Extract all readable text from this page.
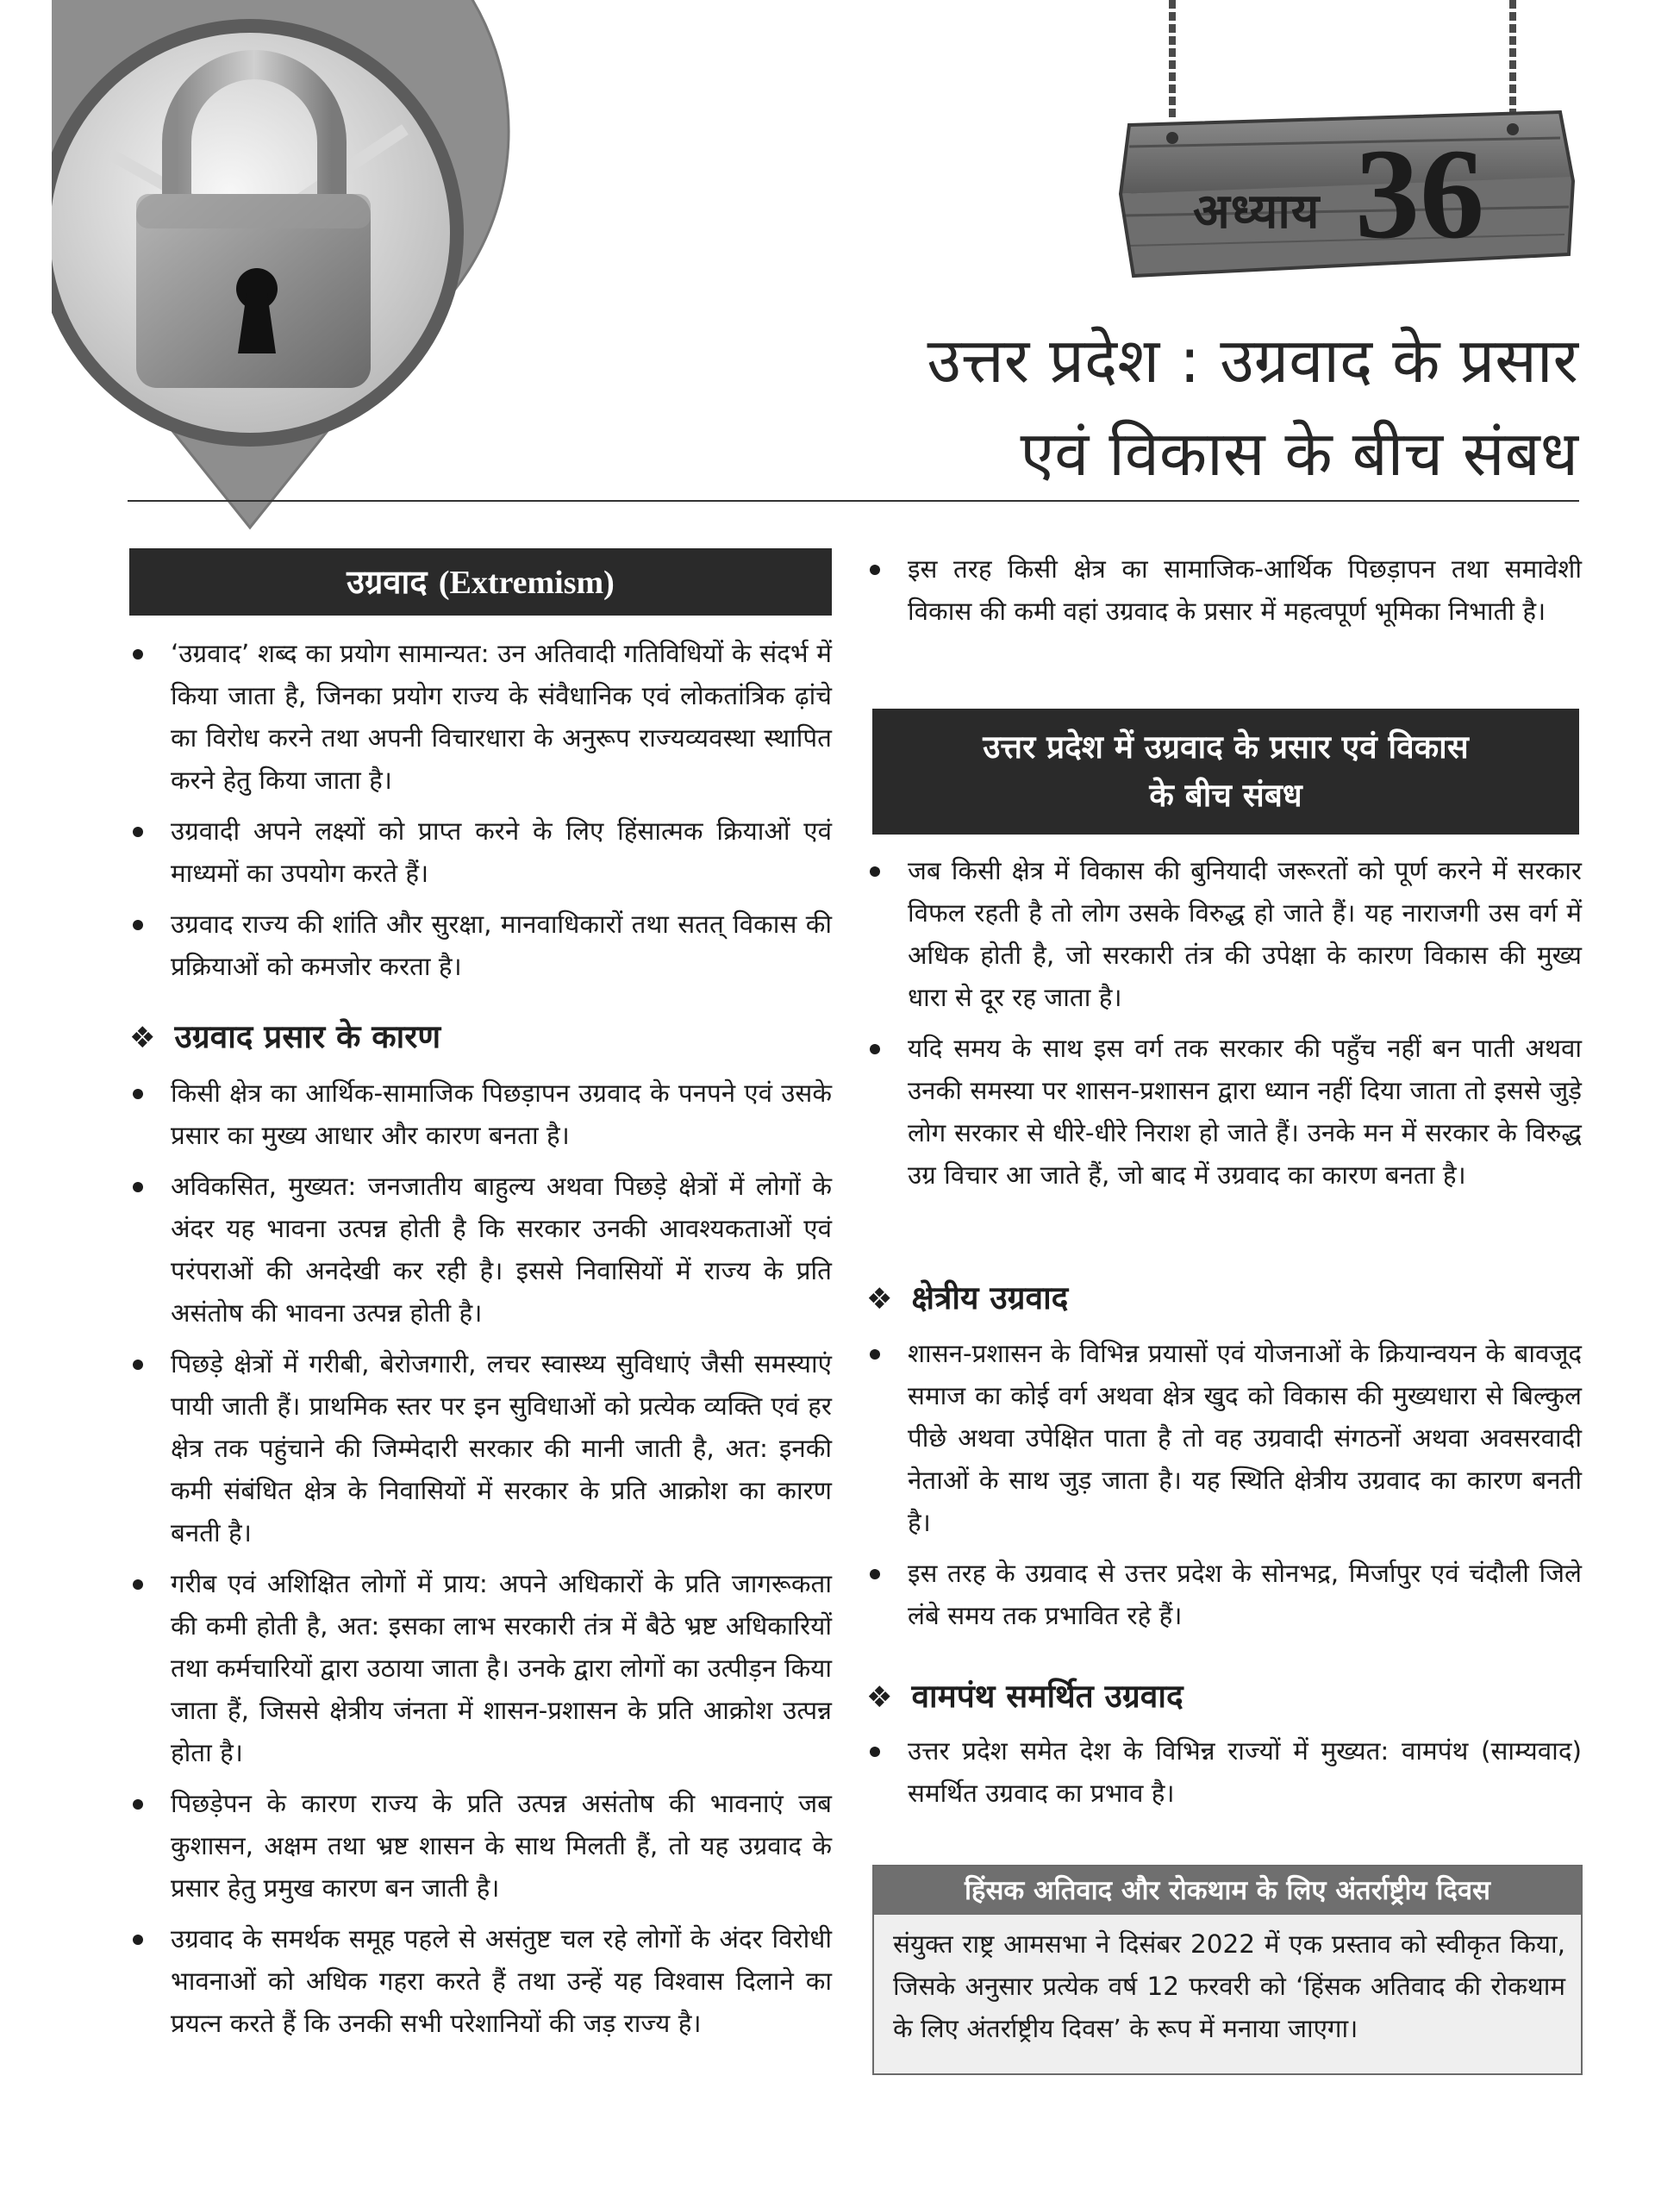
अध्याय 36
उत्तर प्रदेश : उग्रवाद के प्रसार
एवं विकास के बीच संबध
उग्रवाद (Extremism)
‘उग्रवाद’ शब्द का प्रयोग सामान्यत: उन अतिवादी गतिविधियों के संदर्भ में किया जाता है, जिनका प्रयोग राज्य के संवैधानिक एवं लोकतांत्रिक ढ़ांचे का विरोध करने तथा अपनी विचारधारा के अनुरूप राज्यव्यवस्था स्थापित करने हेतु किया जाता है।
उग्रवादी अपने लक्ष्यों को प्राप्त करने के लिए हिंसात्मक क्रियाओं एवं माध्यमों का उपयोग करते हैं।
उग्रवाद राज्य की शांति और सुरक्षा, मानवाधिकारों तथा सतत् विकास की प्रक्रियाओं को कमजोर करता है।
❖ उग्रवाद प्रसार के कारण
किसी क्षेत्र का आर्थिक-सामाजिक पिछड़ापन उग्रवाद के पनपने एवं उसके प्रसार का मुख्य आधार और कारण बनता है।
अविकसित, मुख्यत: जनजातीय बाहुल्य अथवा पिछड़े क्षेत्रों में लोगों के अंदर यह भावना उत्पन्न होती है कि सरकार उनकी आवश्यकताओं एवं परंपराओं की अनदेखी कर रही है। इससे निवासियों में राज्य के प्रति असंतोष की भावना उत्पन्न होती है।
पिछड़े क्षेत्रों में गरीबी, बेरोजगारी, लचर स्वास्थ्य सुविधाएं जैसी समस्याएं पायी जाती हैं। प्राथमिक स्तर पर इन सुविधाओं को प्रत्येक व्यक्ति एवं हर क्षेत्र तक पहुंचाने की जिम्मेदारी सरकार की मानी जाती है, अत: इनकी कमी संबंधित क्षेत्र के निवासियों में सरकार के प्रति आक्रोश का कारण बनती है।
गरीब एवं अशिक्षित लोगों में प्राय: अपने अधिकारों के प्रति जागरूकता की कमी होती है, अत: इसका लाभ सरकारी तंत्र में बैठे भ्रष्ट अधिकारियों तथा कर्मचारियों द्वारा उठाया जाता है। उनके द्वारा लोगों का उत्पीड़न किया जाता हैं, जिससे क्षेत्रीय जंनता में शासन-प्रशासन के प्रति आक्रोश उत्पन्न होता है।
पिछड़ेपन के कारण राज्य के प्रति उत्पन्न असंतोष की भावनाएं जब कुशासन, अक्षम तथा भ्रष्ट शासन के साथ मिलती हैं, तो यह उग्रवाद के प्रसार हेतु प्रमुख कारण बन जाती है।
उग्रवाद के समर्थक समूह पहले से असंतुष्ट चल रहे लोगों के अंदर विरोधी भावनाओं को अधिक गहरा करते हैं तथा उन्हें यह विश्वास दिलाने का प्रयत्न करते हैं कि उनकी सभी परेशानियों की जड़ राज्य है।
इस तरह किसी क्षेत्र का सामाजिक-आर्थिक पिछड़ापन तथा समावेशी विकास की कमी वहां उग्रवाद के प्रसार में महत्वपूर्ण भूमिका निभाती है।
उत्तर प्रदेश में उग्रवाद के प्रसार एवं विकास
के बीच संबध
जब किसी क्षेत्र में विकास की बुनियादी जरूरतों को पूर्ण करने में सरकार विफल रहती है तो लोग उसके विरुद्ध हो जाते हैं। यह नाराजगी उस वर्ग में अधिक होती है, जो सरकारी तंत्र की उपेक्षा के कारण विकास की मुख्य धारा से दूर रह जाता है।
यदि समय के साथ इस वर्ग तक सरकार की पहुँच नहीं बन पाती अथवा उनकी समस्या पर शासन-प्रशासन द्वारा ध्यान नहीं दिया जाता तो इससे जुड़े लोग सरकार से धीरे-धीरे निराश हो जाते हैं। उनके मन में सरकार के विरुद्ध उग्र विचार आ जाते हैं, जो बाद में उग्रवाद का कारण बनता है।
❖ क्षेत्रीय उग्रवाद
शासन-प्रशासन के विभिन्न प्रयासों एवं योजनाओं के क्रियान्वयन के बावजूद समाज का कोई वर्ग अथवा क्षेत्र खुद को विकास की मुख्यधारा से बिल्कुल पीछे अथवा उपेक्षित पाता है तो वह उग्रवादी संगठनों अथवा अवसरवादी नेताओं के साथ जुड़ जाता है। यह स्थिति क्षेत्रीय उग्रवाद का कारण बनती है।
इस तरह के उग्रवाद से उत्तर प्रदेश के सोनभद्र, मिर्जापुर एवं चंदौली जिले लंबे समय तक प्रभावित रहे हैं।
❖ वामपंथ समर्थित उग्रवाद
उत्तर प्रदेश समेत देश के विभिन्न राज्यों में मुख्यत: वामपंथ (साम्यवाद) समर्थित उग्रवाद का प्रभाव है।
हिंसक अतिवाद और रोकथाम के लिए अंतर्राष्ट्रीय दिवस
संयुक्त राष्ट्र आमसभा ने दिसंबर 2022 में एक प्रस्ताव को स्वीकृत किया, जिसके अनुसार प्रत्येक वर्ष 12 फरवरी को ‘हिंसक अतिवाद की रोकथाम के लिए अंतर्राष्ट्रीय दिवस’ के रूप में मनाया जाएगा।
